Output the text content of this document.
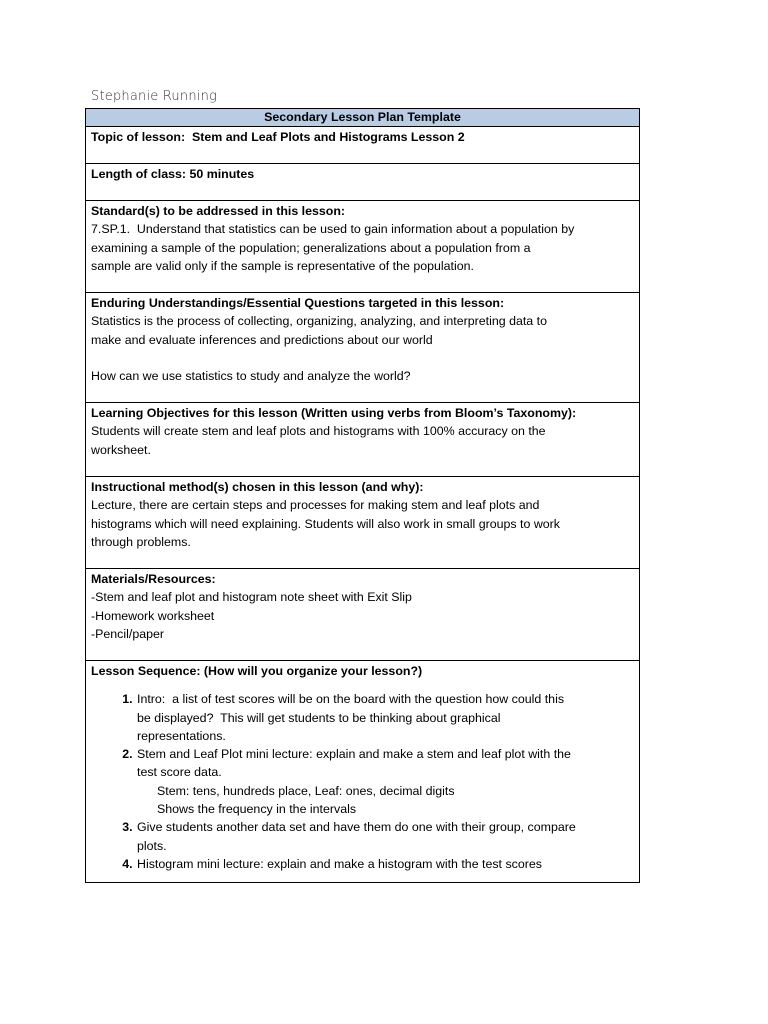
Stephanie Running
Secondary Lesson Plan Template
Topic of lesson: Stem and Leaf Plots and Histograms Lesson 2
Length of class: 50 minutes

Standard(s) to be addressed in this lesson:
7.SP.1.  Understand that statistics can be used to gain information about a population by
examining a sample of the population; generalizations about a population from a
sample are valid only if the sample is representative of the population.

Enduring Understandings/Essential Questions targeted in this lesson:
Statistics is the process of collecting, organizing, analyzing, and interpreting data to
make and evaluate inferences and predictions about our world
How can we use statistics to study and analyze the world?

Learning Objectives for this lesson (Written using verbs from Bloom’s Taxonomy):
Students will create stem and leaf plots and histograms with 100% accuracy on the
worksheet.

Instructional method(s) chosen in this lesson (and why):
Lecture, there are certain steps and processes for making stem and leaf plots and
histograms which will need explaining. Students will also work in small groups to work
through problems.

Materials/Resources:
-Stem and leaf plot and histogram note sheet with Exit Slip
-Homework worksheet
-Pencil/paper

Lesson Sequence: (How will you organize your lesson?)
1. Intro:  a list of test scores will be on the board with the question how could this
be displayed?  This will get students to be thinking about graphical
representations.
2. Stem and Leaf Plot mini lecture: explain and make a stem and leaf plot with the
test score data.
Stem: tens, hundreds place, Leaf: ones, decimal digits
Shows the frequency in the intervals
3. Give students another data set and have them do one with their group, compare
plots.
4. Histogram mini lecture: explain and make a histogram with the test scores
